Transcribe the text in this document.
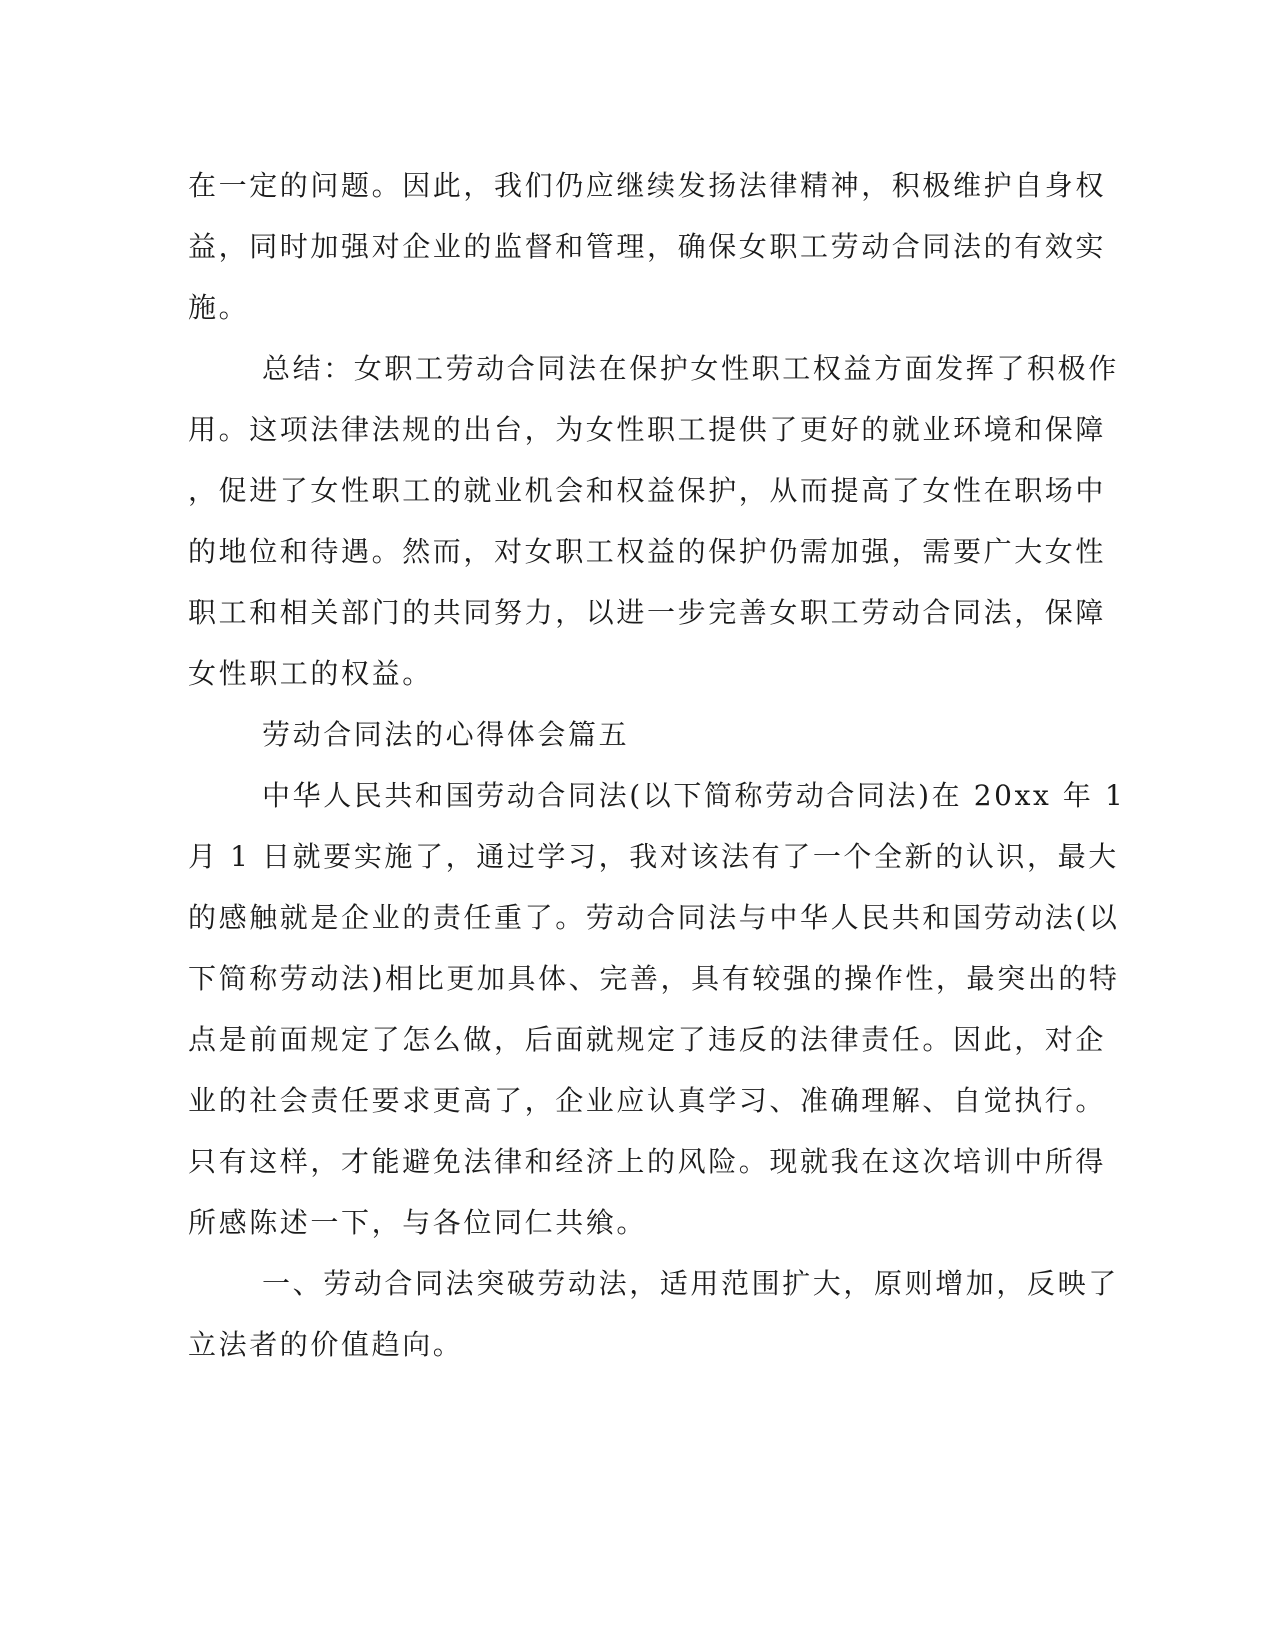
在一定的问题。因此，我们仍应继续发扬法律精神，积极维护自身权
益，同时加强对企业的监督和管理，确保女职工劳动合同法的有效实
施。

总结：女职工劳动合同法在保护女性职工权益方面发挥了积极作
用。这项法律法规的出台，为女性职工提供了更好的就业环境和保障
，促进了女性职工的就业机会和权益保护，从而提高了女性在职场中
的地位和待遇。然而，对女职工权益的保护仍需加强，需要广大女性
职工和相关部门的共同努力，以进一步完善女职工劳动合同法，保障
女性职工的权益。

劳动合同法的心得体会篇五

中华人民共和国劳动合同法(以下简称劳动合同法)在 20xx 年 1
月 1 日就要实施了，通过学习，我对该法有了一个全新的认识，最大
的感触就是企业的责任重了。劳动合同法与中华人民共和国劳动法(以
下简称劳动法)相比更加具体、完善，具有较强的操作性，最突出的特
点是前面规定了怎么做，后面就规定了违反的法律责任。因此，对企
业的社会责任要求更高了，企业应认真学习、准确理解、自觉执行。
只有这样，才能避免法律和经济上的风险。现就我在这次培训中所得
所感陈述一下，与各位同仁共飨。

一、劳动合同法突破劳动法，适用范围扩大，原则增加，反映了
立法者的价值趋向。
